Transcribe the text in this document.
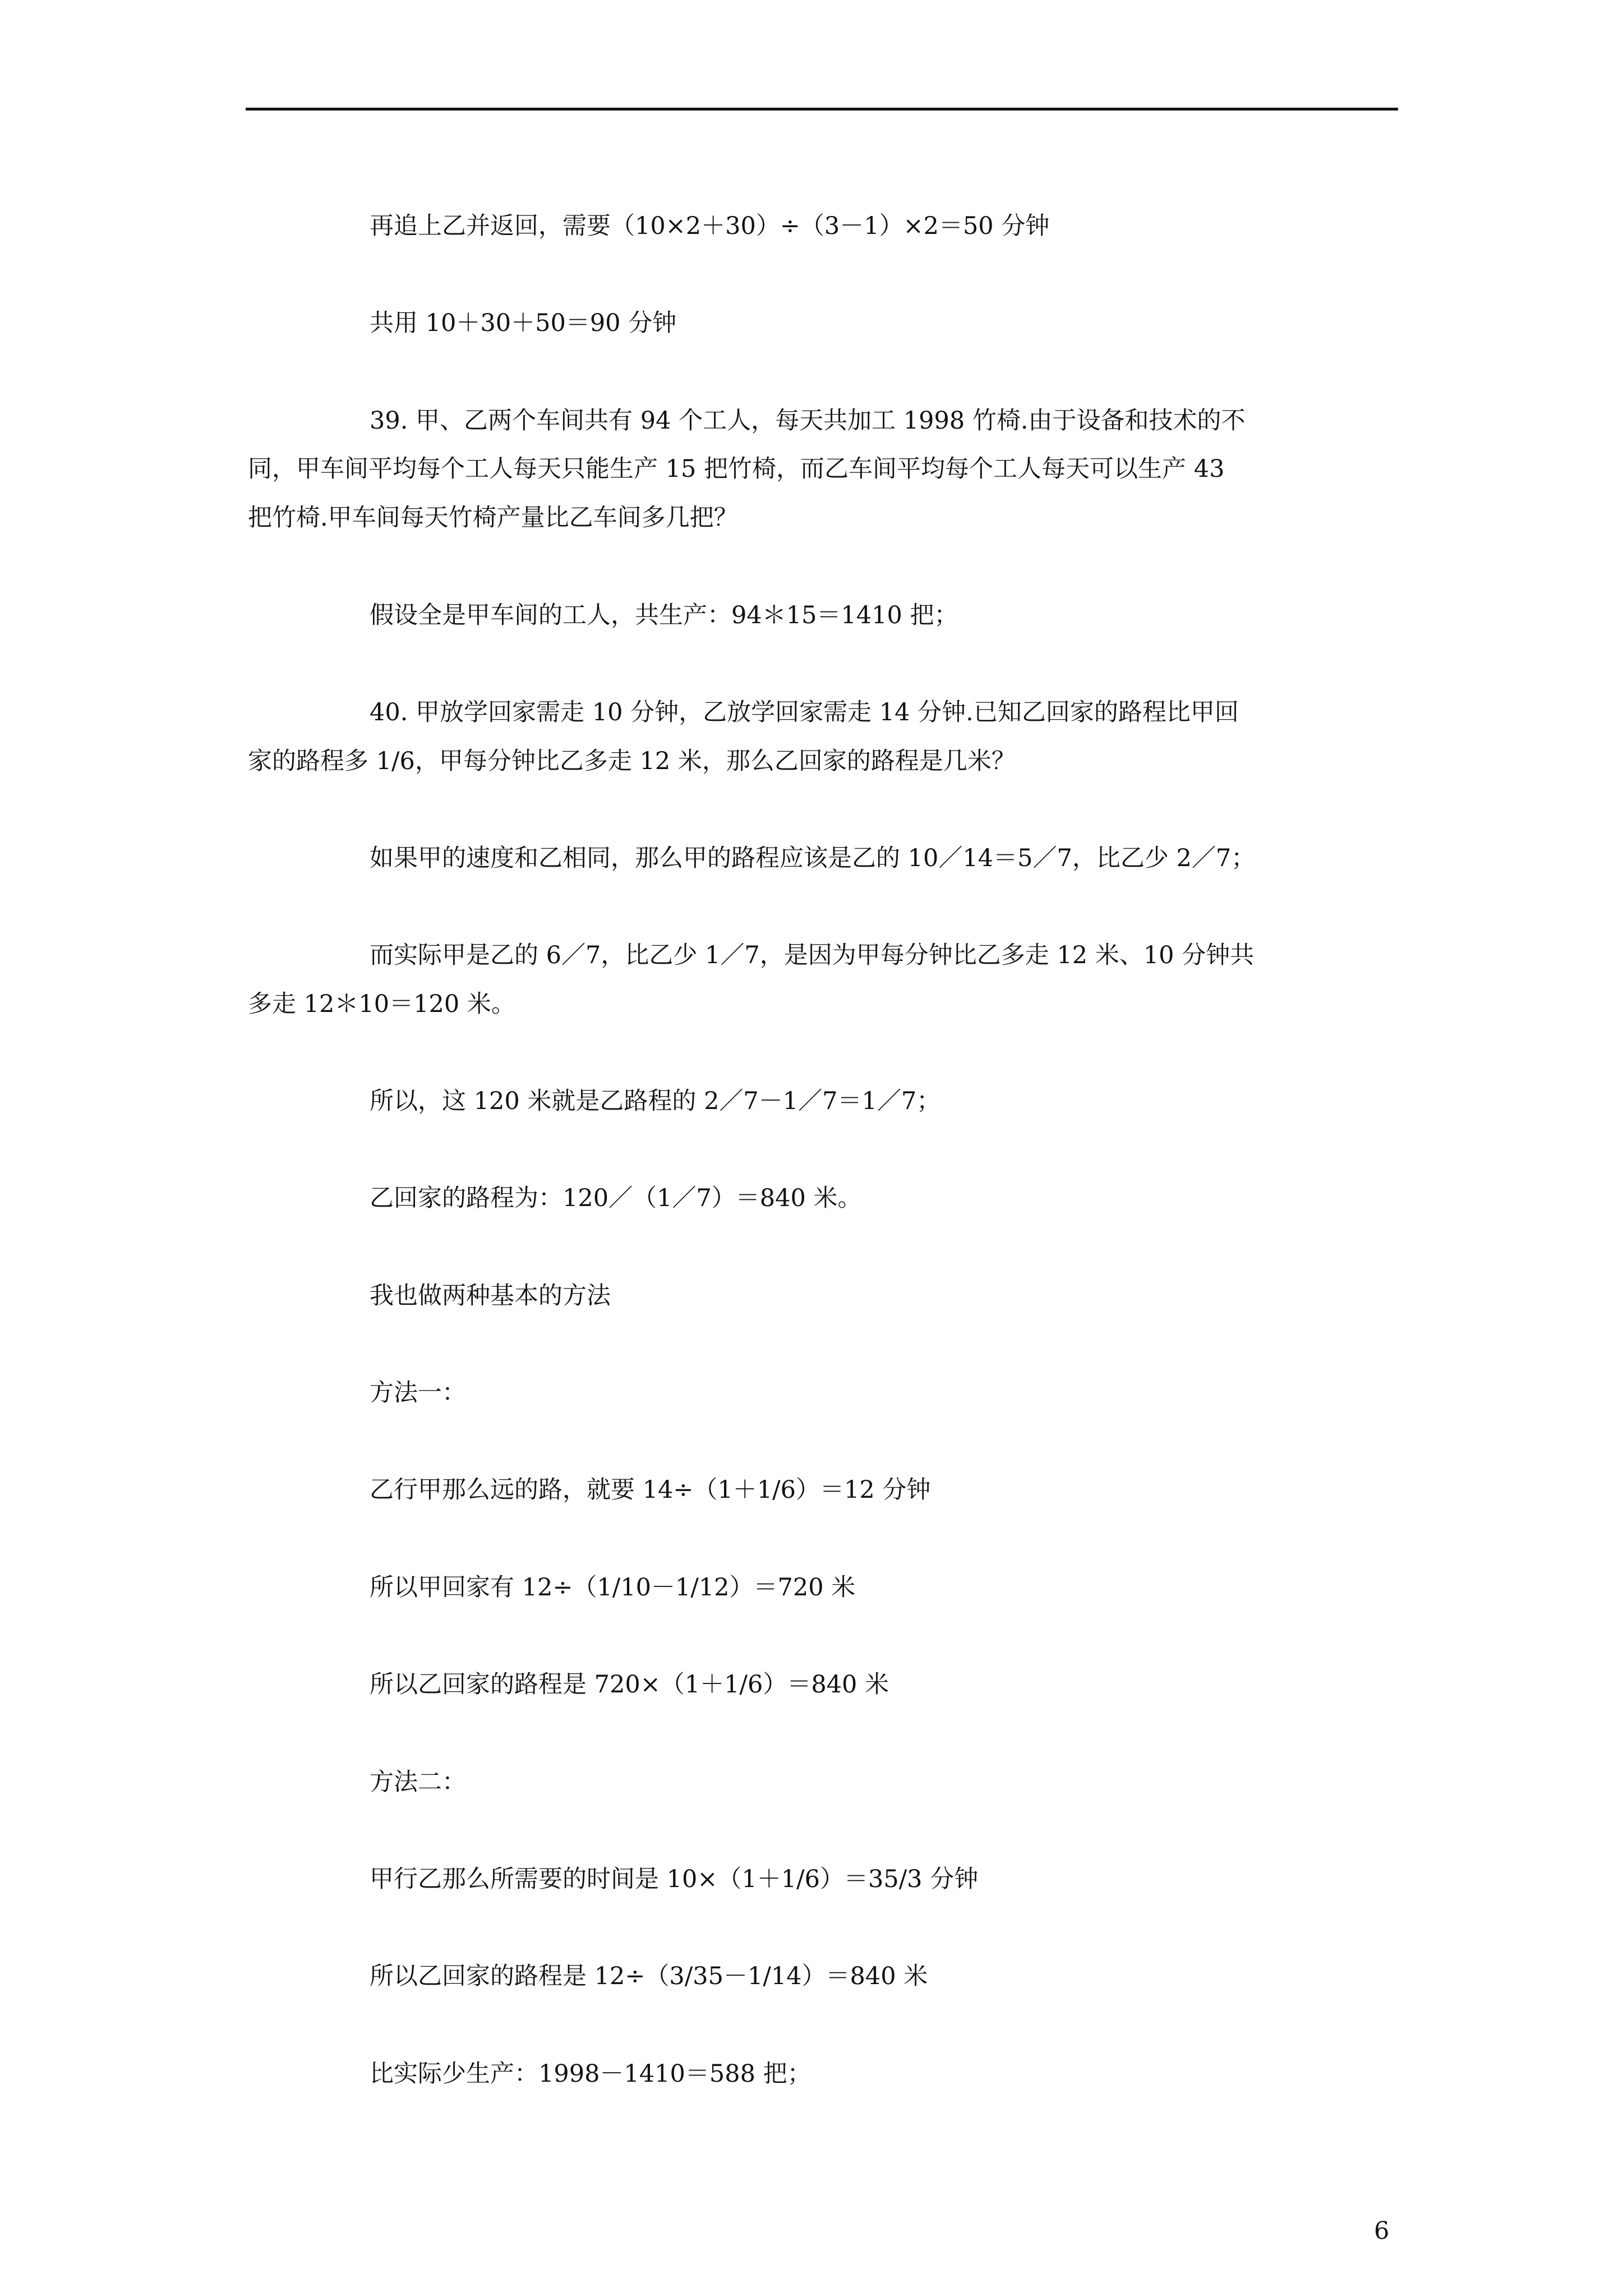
再追上乙并返回，需要（10×2＋30）÷（3－1）×2＝50 分钟
共用 10＋30＋50＝90 分钟
39. 甲、乙两个车间共有 94 个工人，每天共加工 1998 竹椅.由于设备和技术的不
同，甲车间平均每个工人每天只能生产 15 把竹椅，而乙车间平均每个工人每天可以生产 43
把竹椅.甲车间每天竹椅产量比乙车间多几把？
假设全是甲车间的工人，共生产：94＊15＝1410 把；
40. 甲放学回家需走 10 分钟，乙放学回家需走 14 分钟.已知乙回家的路程比甲回
家的路程多 1/6，甲每分钟比乙多走 12 米，那么乙回家的路程是几米？
如果甲的速度和乙相同，那么甲的路程应该是乙的 10／14＝5／7，比乙少 2／7；
而实际甲是乙的 6／7，比乙少 1／7，是因为甲每分钟比乙多走 12 米、10 分钟共
多走 12＊10＝120 米。
所以，这 120 米就是乙路程的 2／7－1／7＝1／7；
乙回家的路程为：120／（1／7）＝840 米。
我也做两种基本的方法
方法一：
乙行甲那么远的路，就要 14÷（1＋1/6）＝12 分钟
所以甲回家有 12÷（1/10－1/12）＝720 米
所以乙回家的路程是 720×（1＋1/6）＝840 米
方法二：
甲行乙那么所需要的时间是 10×（1＋1/6）＝35/3 分钟
所以乙回家的路程是 12÷（3/35－1/14）＝840 米
比实际少生产：1998－1410＝588 把；
6
